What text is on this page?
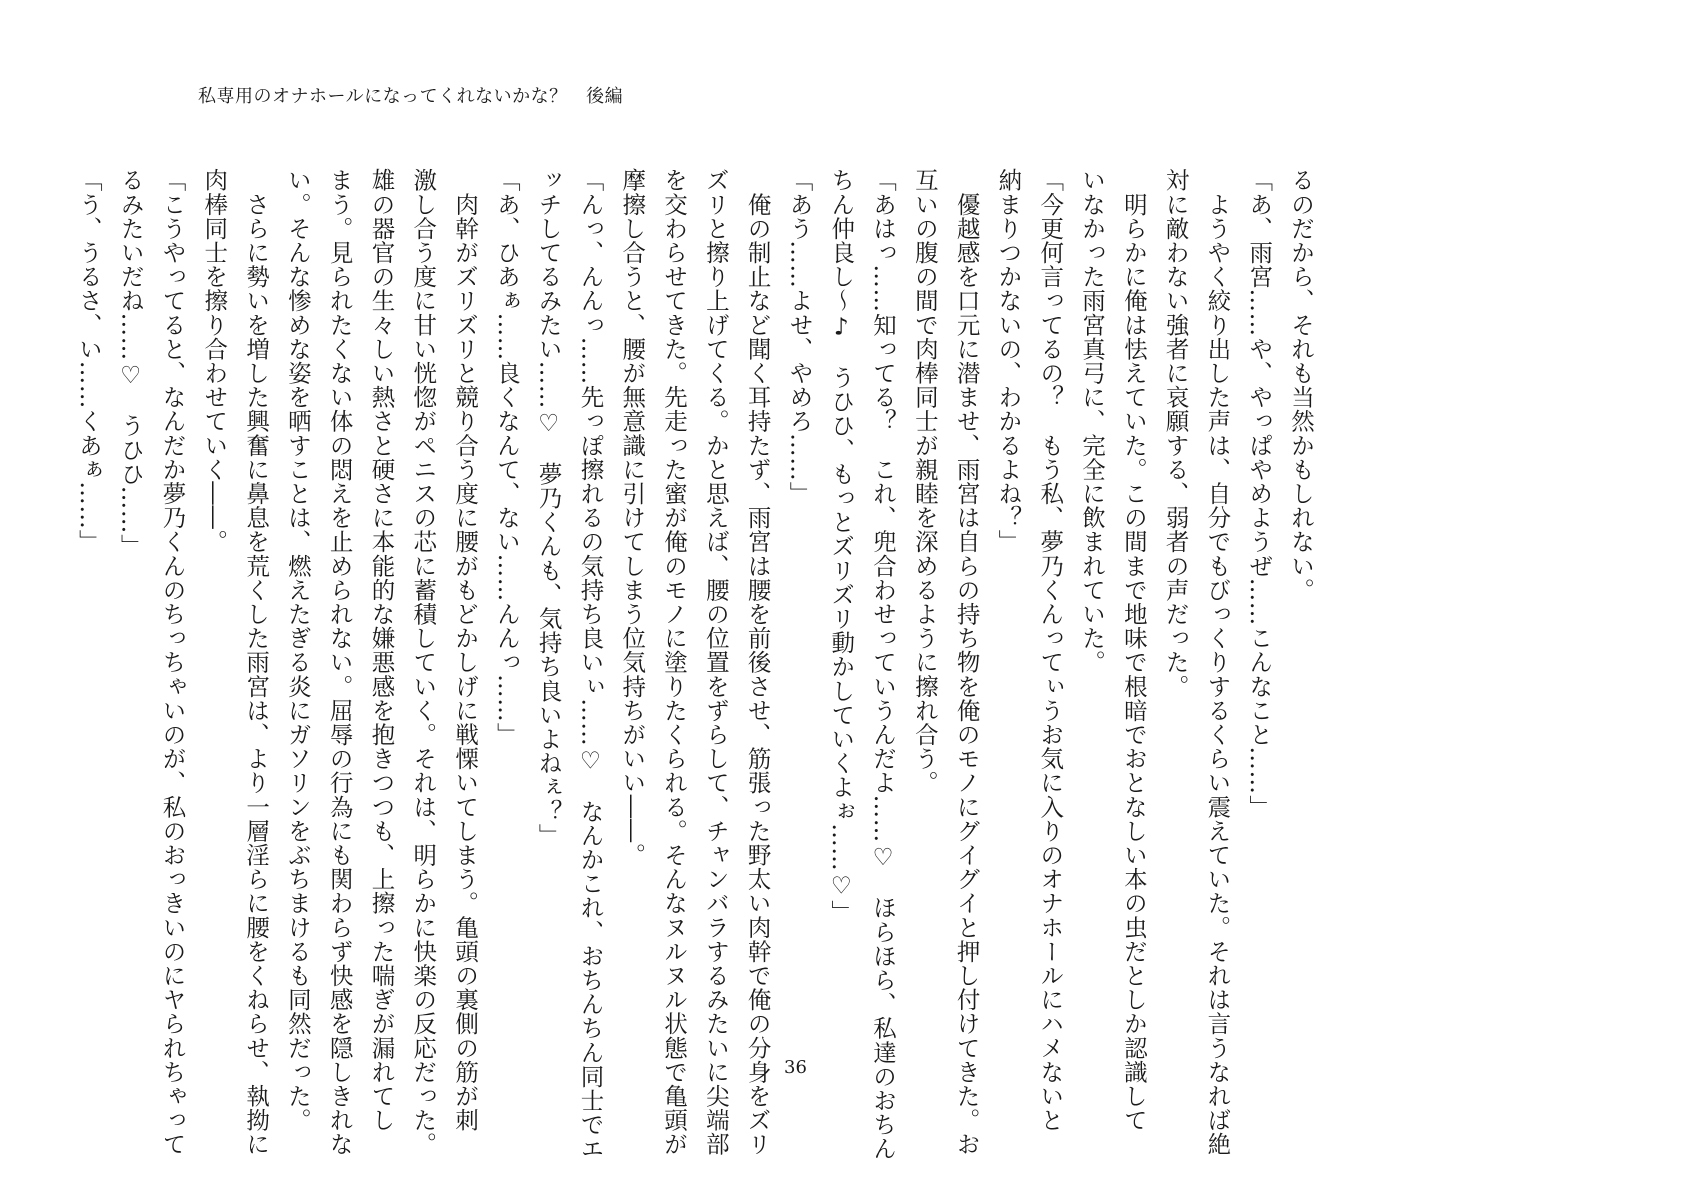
私専用のオナホールになってくれないかな？　後編

るのだから、それも当然かもしれない。

「あ、雨宮……や、やっぱやめようぜ……こんなこと……」

　ようやく絞り出した声は、自分でもびっくりするくらい震えていた。それは言うなれば絶

対に敵わない強者に哀願する、弱者の声だった。

　明らかに俺は怯えていた。この間まで地味で根暗でおとなしい本の虫だとしか認識して

いなかった雨宮真弓に、完全に飲まれていた。

「今更何言ってるの？　もう私、夢乃くんってぃうお気に入りのオナホールにハメないと

納まりつかないの、わかるよね？」

　優越感を口元に潜ませ、雨宮は自らの持ち物を俺のモノにグイグイと押し付けてきた。お

互いの腹の間で肉棒同士が親睦を深めるように擦れ合う。

「あはっ……知ってる？　これ、兜合わせっていうんだよ……♡　ほらほら、私達のおちん

ちん仲良し～♪　うひひ、もっとズリズリ動かしていくよぉ……♡」

「あう……よせ、やめろ……」

　俺の制止など聞く耳持たず、雨宮は腰を前後させ、筋張った野太い肉幹で俺の分身をズリ

ズリと擦り上げてくる。かと思えば、腰の位置をずらして、チャンバラするみたいに尖端部

を交わらせてきた。先走った蜜が俺のモノに塗りたくられる。そんなヌルヌル状態で亀頭が

摩擦し合うと、腰が無意識に引けてしまう位気持ちがいい――。

「んっ、んんっ……先っぽ擦れるの気持ち良いぃ……♡　なんかこれ、おちんちん同士でエ

ッチしてるみたい……♡　夢乃くんも、気持ち良いよねぇ？」

「あ、ひあぁ……良くなんて、ない……んんっ……」

　肉幹がズリズリと競り合う度に腰がもどかしげに戦慄いてしまう。亀頭の裏側の筋が刺

激し合う度に甘い恍惚がペニスの芯に蓄積していく。それは、明らかに快楽の反応だった。

雄の器官の生々しい熱さと硬さに本能的な嫌悪感を抱きつつも、上擦った喘ぎが漏れてし

まう。見られたくない体の悶えを止められない。屈辱の行為にも関わらず快感を隠しきれな

い。そんな惨めな姿を晒すことは、燃えたぎる炎にガソリンをぶちまけるも同然だった。

　さらに勢いを増した興奮に鼻息を荒くした雨宮は、より一層淫らに腰をくねらせ、執拗に

肉棒同士を擦り合わせていく――。

「こうやってると、なんだか夢乃くんのちっちゃいのが、私のおっきいのにヤられちゃって

るみたいだね……♡　うひひ……」

「う、うるさ、い……くあぁ……」

36
